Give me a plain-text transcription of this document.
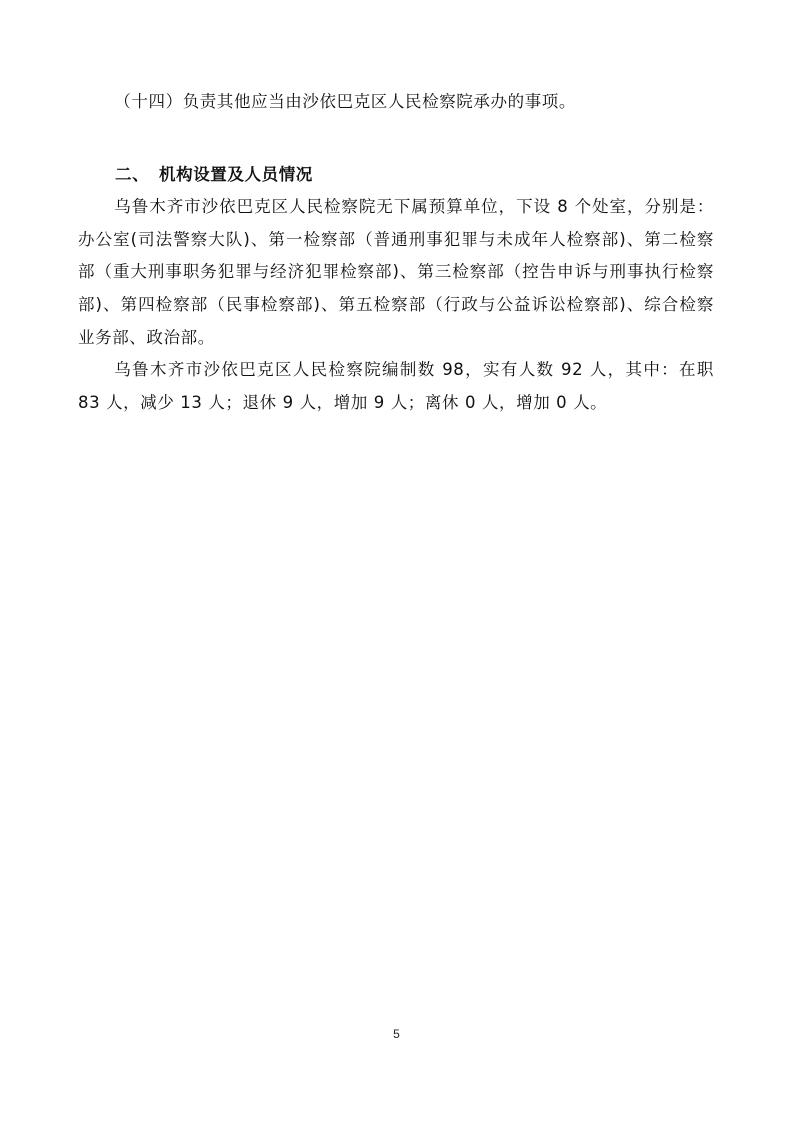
（十四）负责其他应当由沙依巴克区人民检察院承办的事项。

二、 机构设置及人员情况

乌鲁木齐市沙依巴克区人民检察院无下属预算单位，下设 8 个处室，分别是：办公室(司法警察大队)、第一检察部（普通刑事犯罪与未成年人检察部)、第二检察部（重大刑事职务犯罪与经济犯罪检察部)、第三检察部（控告申诉与刑事执行检察部)、第四检察部（民事检察部)、第五检察部（行政与公益诉讼检察部)、综合检察业务部、政治部。

乌鲁木齐市沙依巴克区人民检察院编制数 98，实有人数 92 人，其中：在职 83 人，减少 13 人；退休 9 人，增加 9 人；离休 0 人，增加 0 人。

5
